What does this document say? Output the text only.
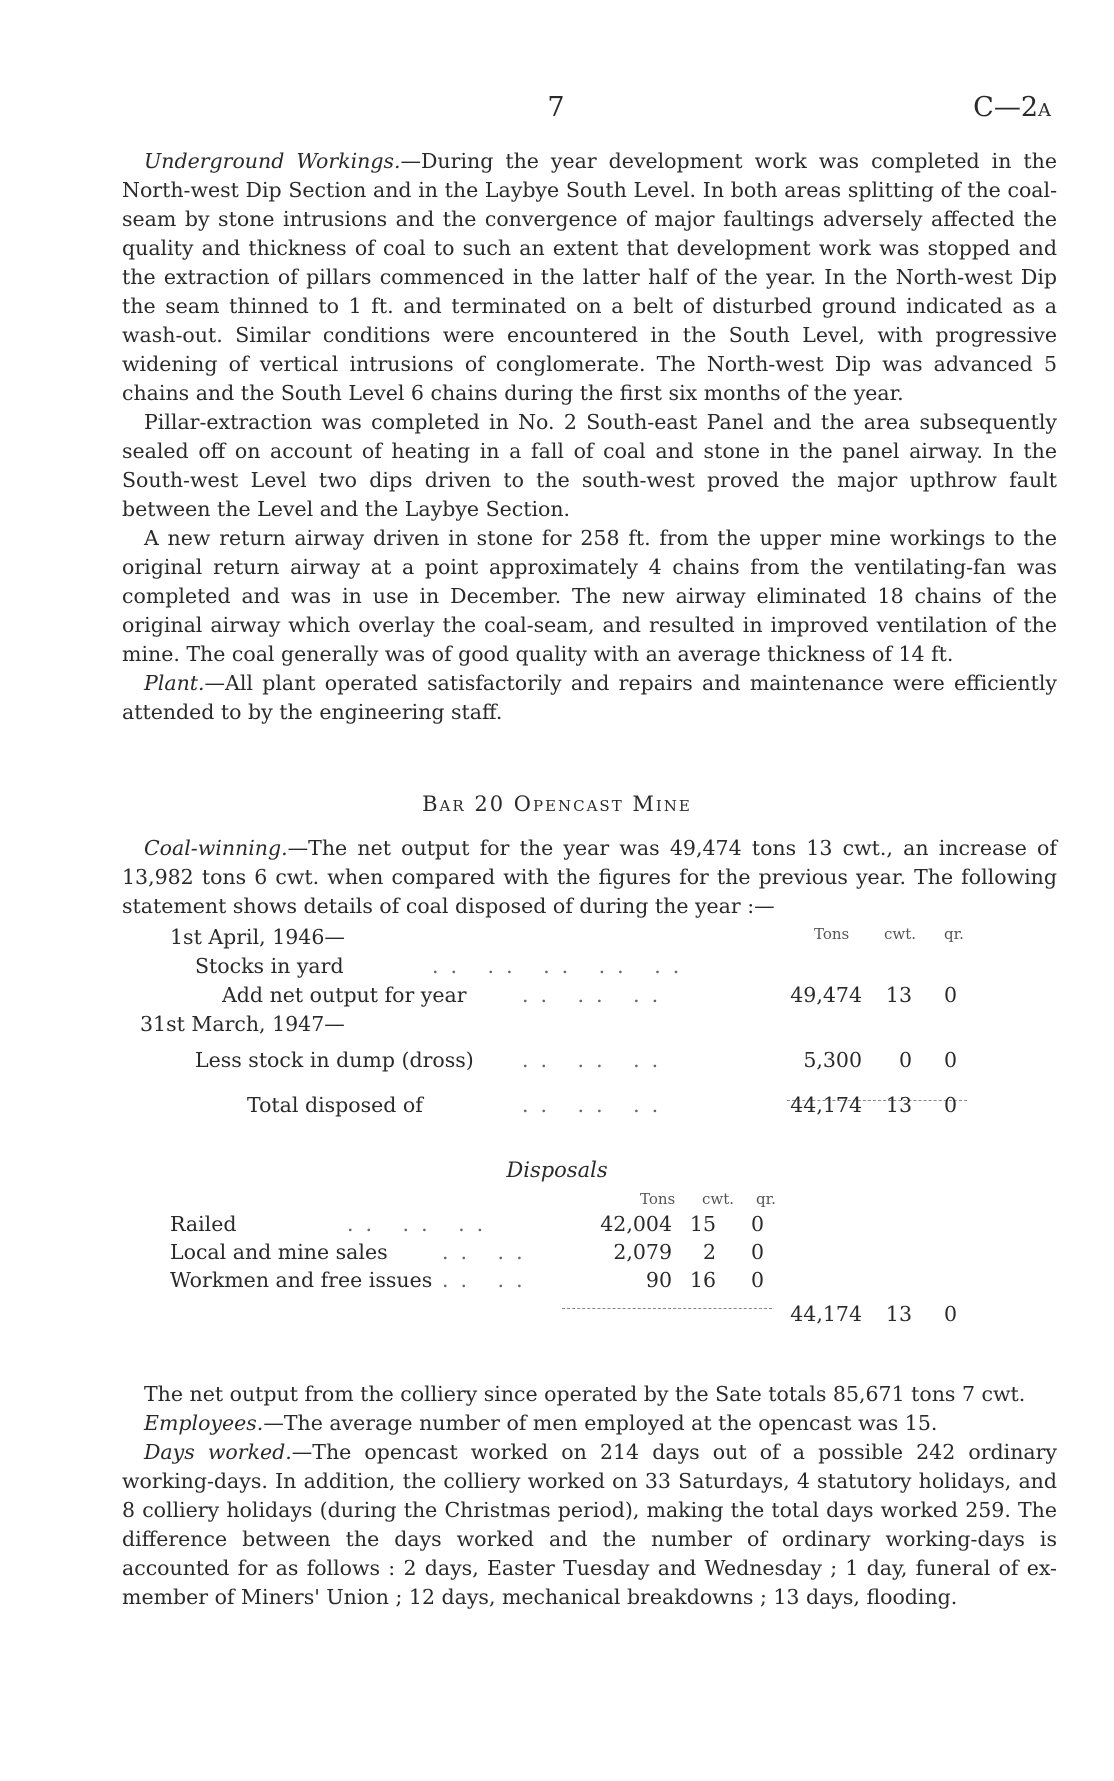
7	C—2A

Underground Workings.—During the year development work was completed in the North-west Dip Section and in the Laybye South Level. In both areas splitting of the coal-seam by stone intrusions and the convergence of major faultings adversely affected the quality and thickness of coal to such an extent that development work was stopped and the extraction of pillars commenced in the latter half of the year. In the North-west Dip the seam thinned to 1 ft. and terminated on a belt of disturbed ground indicated as a wash-out. Similar conditions were encountered in the South Level, with progressive widening of vertical intrusions of conglomerate. The North-west Dip was advanced 5 chains and the South Level 6 chains during the first six months of the year.

Pillar-extraction was completed in No. 2 South-east Panel and the area subsequently sealed off on account of heating in a fall of coal and stone in the panel airway. In the South-west Level two dips driven to the south-west proved the major upthrow fault between the Level and the Laybye Section.

A new return airway driven in stone for 258 ft. from the upper mine workings to the original return airway at a point approximately 4 chains from the ventilating-fan was completed and was in use in December. The new airway eliminated 18 chains of the original airway which overlay the coal-seam, and resulted in improved ventilation of the mine. The coal generally was of good quality with an average thickness of 14 ft.

Plant.—All plant operated satisfactorily and repairs and maintenance were efficiently attended to by the engineering staff.

Bar 20 Opencast Mine

Coal-winning.—The net output for the year was 49,474 tons 13 cwt., an increase of 13,982 tons 6 cwt. when compared with the figures for the previous year. The following statement shows details of coal disposed of during the year :—

1st April, 1946—	Tons cwt. qr.
Stocks in yard	.. .. .. .. ..
Add net output for year	.. .. ..	49,474 13	0
31st March, 1947—
Less stock in dump (dross) .. .. ..	5,300	0	0
Total disposed of	.. .. ..	44,174 13	0
Disposals
Tons cwt. qr.
Railed	.. .. ..	42,004 15	0
Local and mine sales	.. ..	2,079	2	0
Workmen and free issues .. ..	90 16	0
44,174 13	0

The net output from the colliery since operated by the Sate totals 85,671 tons 7 cwt.

Employees.—The average number of men employed at the opencast was 15.

Days worked.—The opencast worked on 214 days out of a possible 242 ordinary working-days. In addition, the colliery worked on 33 Saturdays, 4 statutory holidays, and 8 colliery holidays (during the Christmas period), making the total days worked 259. The difference between the days worked and the number of ordinary working-days is accounted for as follows : 2 days, Easter Tuesday and Wednesday ; 1 day, funeral of ex-member of Miners' Union ; 12 days, mechanical breakdowns ; 13 days, flooding.
